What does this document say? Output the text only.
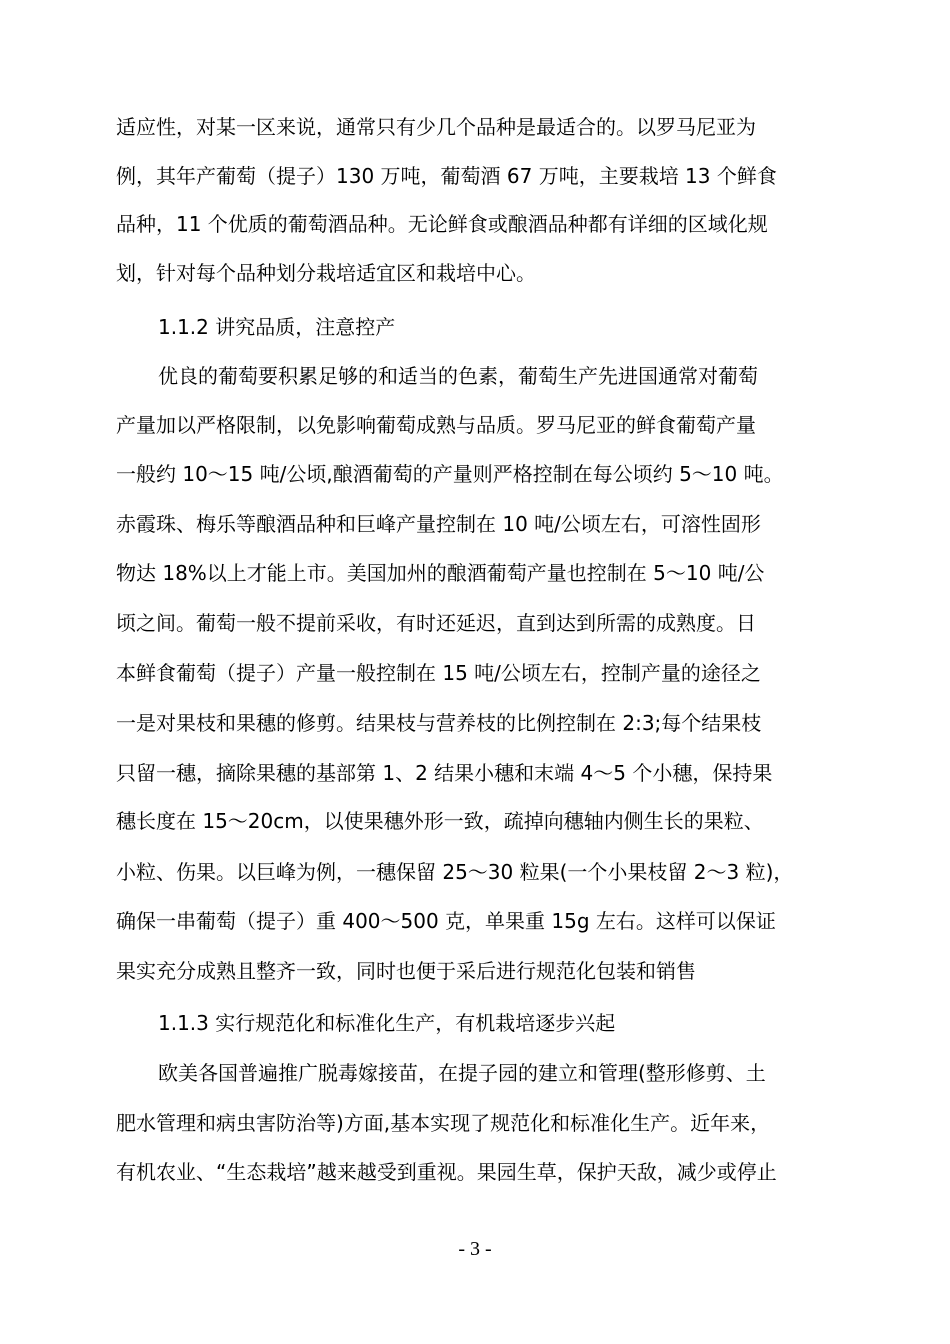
适应性，对某一区来说，通常只有少几个品种是最适合的。以罗马尼亚为
例，其年产葡萄（提子）130 万吨，葡萄酒 67 万吨，主要栽培 13 个鲜食
品种，11 个优质的葡萄酒品种。无论鲜食或酿酒品种都有详细的区域化规
划，针对每个品种划分栽培适宜区和栽培中心。
1.1.2 讲究品质，注意控产
优良的葡萄要积累足够的和适当的色素，葡萄生产先进国通常对葡萄
产量加以严格限制，以免影响葡萄成熟与品质。罗马尼亚的鲜食葡萄产量
一般约 10～15 吨/公顷,酿酒葡萄的产量则严格控制在每公顷约 5～10 吨。
赤霞珠、梅乐等酿酒品种和巨峰产量控制在 10 吨/公顷左右，可溶性固形
物达 18%以上才能上市。美国加州的酿酒葡萄产量也控制在 5～10 吨/公
顷之间。葡萄一般不提前采收，有时还延迟，直到达到所需的成熟度。日
本鲜食葡萄（提子）产量一般控制在 15 吨/公顷左右，控制产量的途径之
一是对果枝和果穗的修剪。结果枝与营养枝的比例控制在 2:3;每个结果枝
只留一穗，摘除果穗的基部第 1、2 结果小穗和末端 4～5 个小穗，保持果
穗长度在 15～20cm，以使果穗外形一致，疏掉向穗轴内侧生长的果粒、
小粒、伤果。以巨峰为例，一穗保留 25～30 粒果(一个小果枝留 2～3 粒)，
确保一串葡萄（提子）重 400～500 克，单果重 15g 左右。这样可以保证
果实充分成熟且整齐一致，同时也便于采后进行规范化包装和销售
1.1.3 实行规范化和标准化生产，有机栽培逐步兴起
欧美各国普遍推广脱毒嫁接苗，在提子园的建立和管理(整形修剪、土
肥水管理和病虫害防治等)方面,基本实现了规范化和标准化生产。近年来，
有机农业、“生态栽培”越来越受到重视。果园生草，保护天敌，减少或停止
- 3 -
